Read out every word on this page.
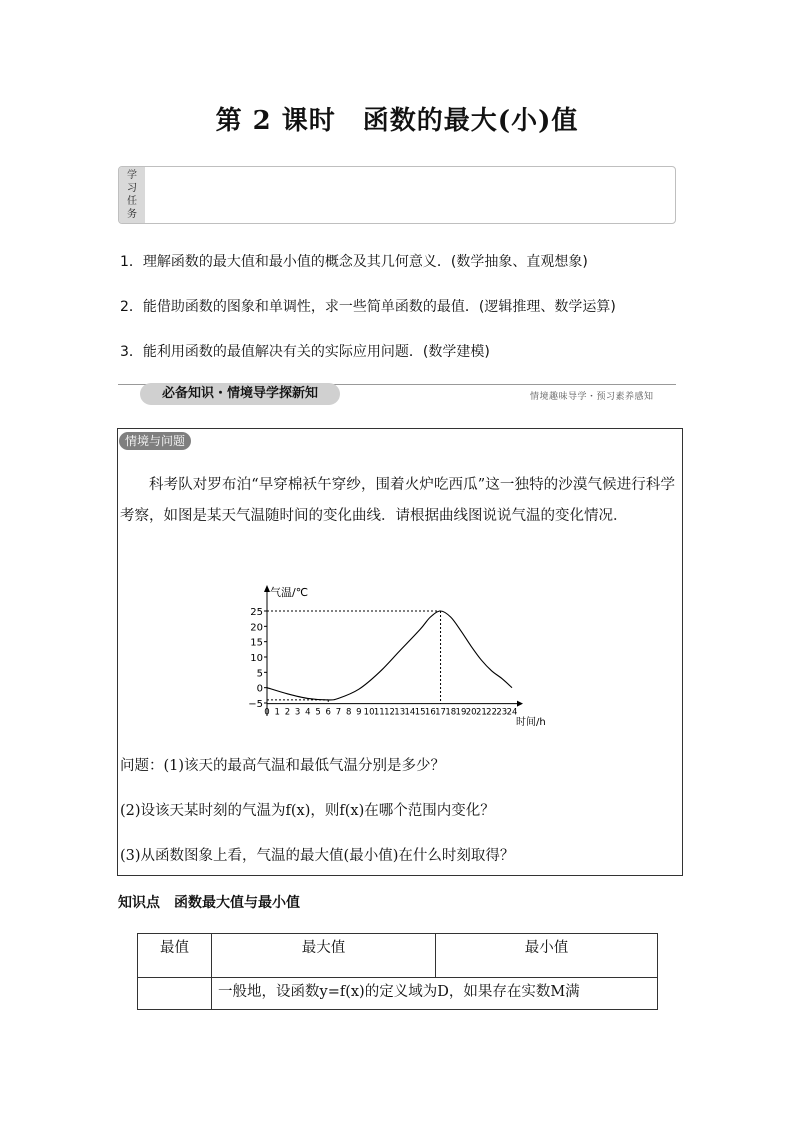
第 2 课时　函数的最大(小)值
学
习
任
务
1．理解函数的最大值和最小值的概念及其几何意义．(数学抽象、直观想象)
2．能借助函数的图象和单调性，求一些简单函数的最值．(逻辑推理、数学运算)
3．能利用函数的最值解决有关的实际应用问题．(数学建模)
必备知识・情境导学探新知	情境趣味导学・预习素养感知
情境与问题
科考队对罗布泊“早穿棉袄午穿纱，围着火炉吃西瓜”这一独特的沙漠气候进行科学考察，如图是某天气温随时间的变化曲线．请根据曲线图说说气温的变化情况．
气温/℃
时间/h
−5
0
5
10
15
20
25
0 1 2 3 4 5 6 7 8 9 10 11 12 13 14 15 16 17 18 19 20 21 22 23 24
问题：(1)该天的最高气温和最低气温分别是多少？
(2)设该天某时刻的气温为f(x)，则f(x)在哪个范围内变化？
(3)从函数图象上看，气温的最大值(最小值)在什么时刻取得？
知识点　函数最大值与最小值
最值	最大值	最小值
	一般地，设函数y=f(x)的定义域为D，如果存在实数M满	
